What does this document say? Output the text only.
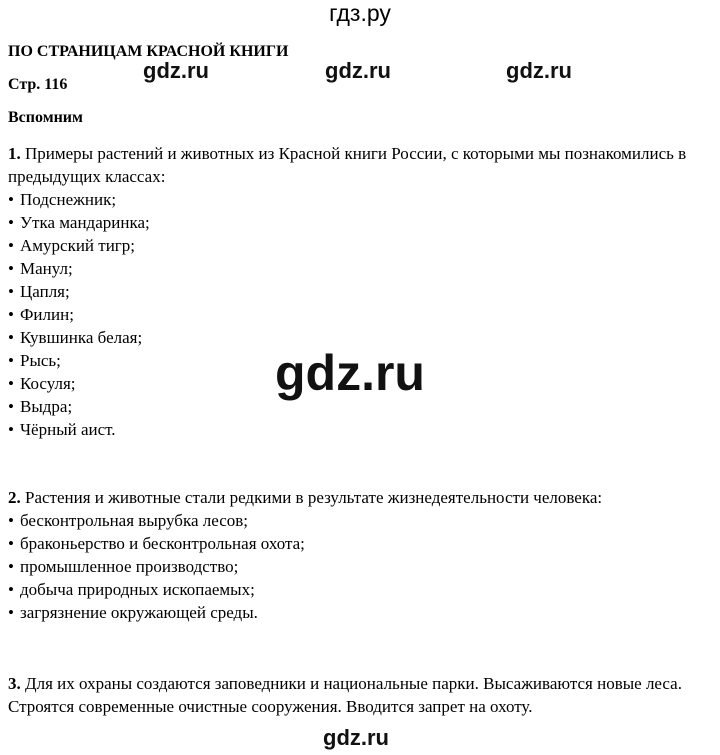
гдз.ру
gdz.ru	gdz.ru	gdz.ru
ПО СТРАНИЦАМ КРАСНОЙ КНИГИ
Стр. 116
Вспомним

1. Примеры растений и животных из Красной книги России, с которыми мы познакомились в предыдущих классах:

• Подснежник;
• Утка мандаринка;
• Амурский тигр;
• Манул;
• Цапля;
• Филин;
• Кувшинка белая;
• Рысь;
• Косуля;
• Выдра;
• Чёрный аист.
gdz.ru

2. Растения и животные стали редкими в результате жизнедеятельности человека:

• бесконтрольная вырубка лесов;
• браконьерство и бесконтрольная охота;
• промышленное производство;
• добыча природных ископаемых;
• загрязнение окружающей среды.

3. Для их охраны создаются заповедники и национальные парки. Высаживаются новые леса. Строятся современные очистные сооружения. Вводится запрет на охоту.

gdz.ru
